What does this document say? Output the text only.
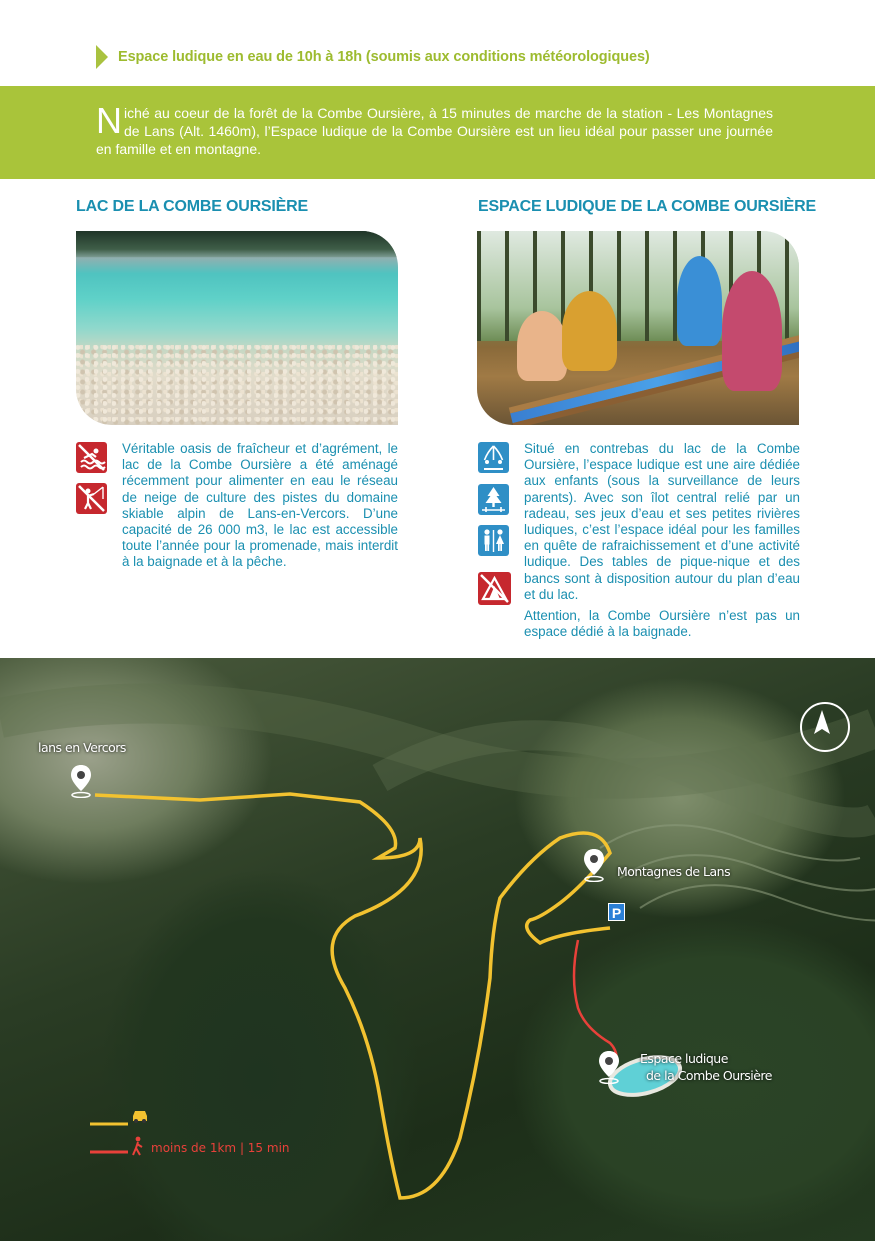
Espace ludique en eau de 10h à 18h (soumis aux conditions météorologiques)
Niché au coeur de la forêt de la Combe Oursière, à 15 minutes de marche de la station - Les Montagnes de Lans (Alt. 1460m), l’Espace ludique de la Combe Oursière est un lieu idéal pour passer une journée en famille et en montagne.
LAC DE LA COMBE OURSIÈRE
Véritable oasis de fraîcheur et d’agrément, le lac de la Combe Oursière a été aménagé récemment pour alimenter en eau le réseau de neige de culture des pistes du domaine skiable alpin de Lans-en-Vercors. D’une capacité de 26 000 m3, le lac est accessible toute l’année pour la promenade, mais interdit à la baignade et à la pêche.
ESPACE LUDIQUE DE LA COMBE OURSIÈRE
Situé en contrebas du lac de la Combe Oursière, l’espace ludique est une aire dédiée aux enfants (sous la surveillance de leurs parents). Avec son îlot central relié par un radeau, ses jeux d’eau et ses petites rivières ludiques, c’est l’espace idéal pour les familles en quête de rafraichissement et d’une activité ludique. Des tables de pique-nique et des bancs sont à disposition autour du plan d’eau et du lac.
Attention, la Combe Oursière n’est pas un espace dédié à la baignade.
P
lans en Vercors
Montagnes de Lans
Espace ludique
de la Combe Oursière
moins de 1km | 15 min
